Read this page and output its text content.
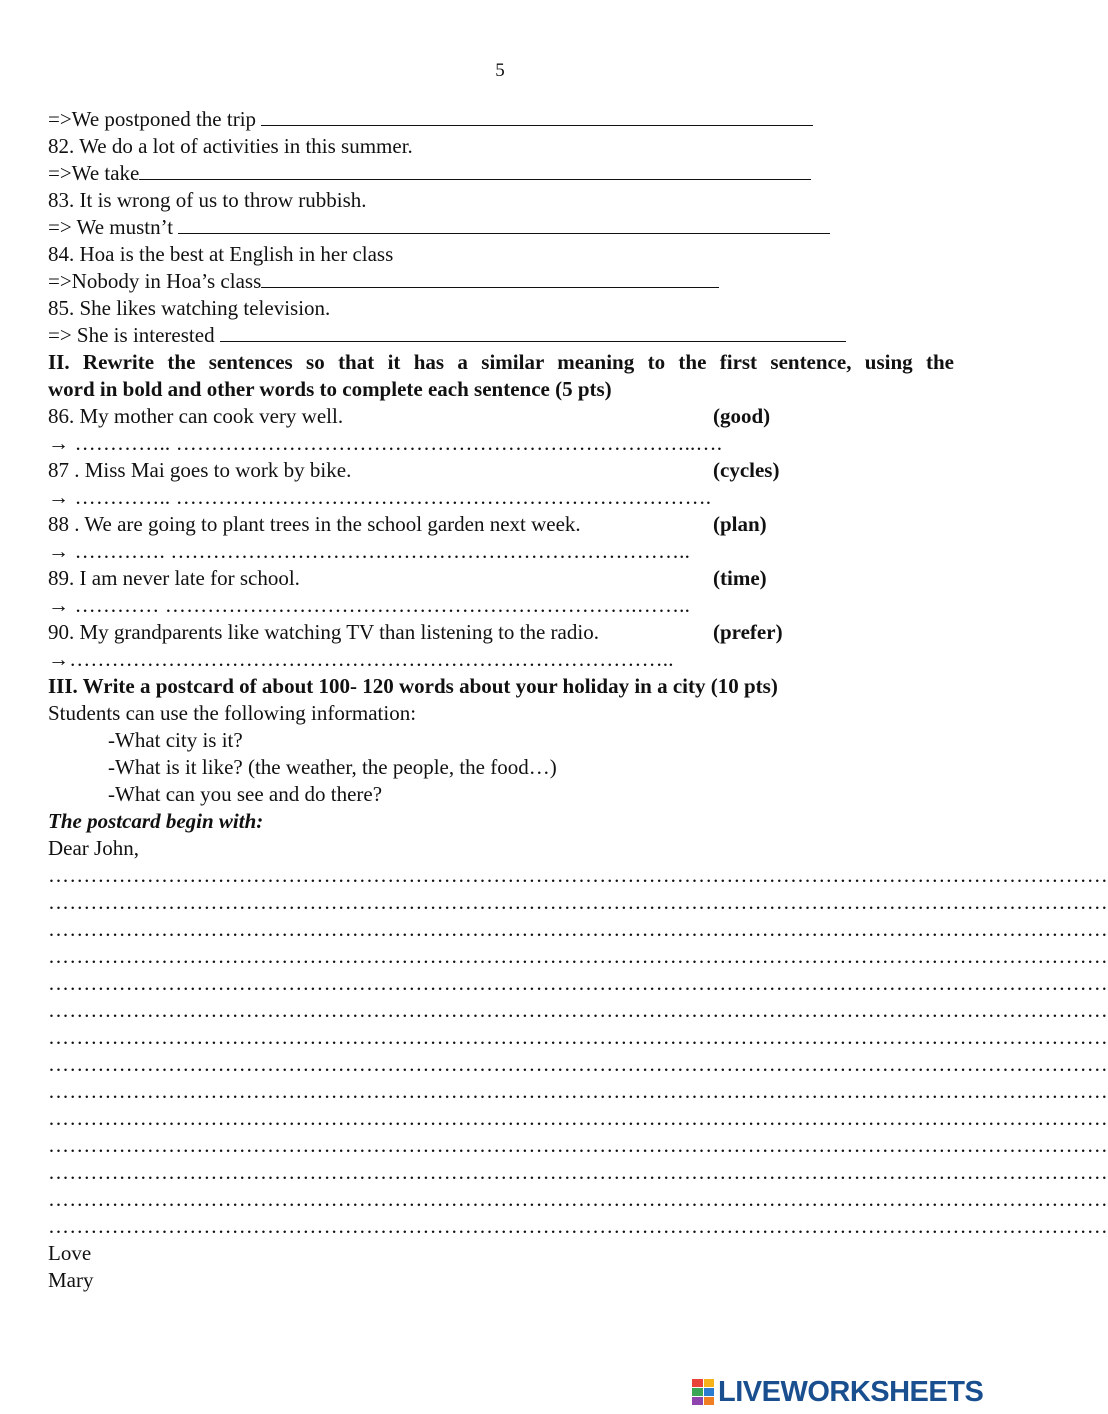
5
=>We postponed the trip
82. We do a lot of activities in this summer.
=>We take
83. It is wrong of us to throw rubbish.
=> We mustn’t
84. Hoa is the best at English in her class
=>Nobody in Hoa’s class
85. She likes watching television.
=> She is interested
II. Rewrite the sentences so that it has a similar meaning to the first sentence, using the
word in bold and other words to complete each sentence (5 pts)
86. My mother can cook very well.	(good)
→ ………….. ………………………………………………………………..….
87 . Miss Mai goes to work by bike.	(cycles)
→ ………….. ………………………………………………………………….
88 . We are going to plant trees in the school garden next week.	(plan)
→ …………. ………………………………………………………………..
89. I am never late for school.	(time)
→ ………… ………………………………………………………….……..
90. My grandparents like watching TV than listening to the radio.	(prefer)
→…………………………………………………………………………..
III. Write a postcard of about 100- 120 words about your holiday in a city (10 pts)
Students can use the following information:
-What city is it?
-What is it like? (the weather, the people, the food…)
-What can you see and do there?
The postcard begin with:
Dear John,
……………………………………………………………………………………………………………………………………
……………………………………………………………………………………………………………………………………
……………………………………………………………………………………………………………………………………
……………………………………………………………………………………………………………………………………
……………………………………………………………………………………………………………………………………
……………………………………………………………………………………………………………………………………
……………………………………………………………………………………………………………………………………
……………………………………………………………………………………………………………………………………
……………………………………………………………………………………………………………………………………
……………………………………………………………………………………………………………………………………
……………………………………………………………………………………………………………………………………
……………………………………………………………………………………………………………………………………
……………………………………………………………………………………………………………………………………
……………………………………………………………………………………………………………………………………
Love
Mary
LIVEWORKSHEETS
